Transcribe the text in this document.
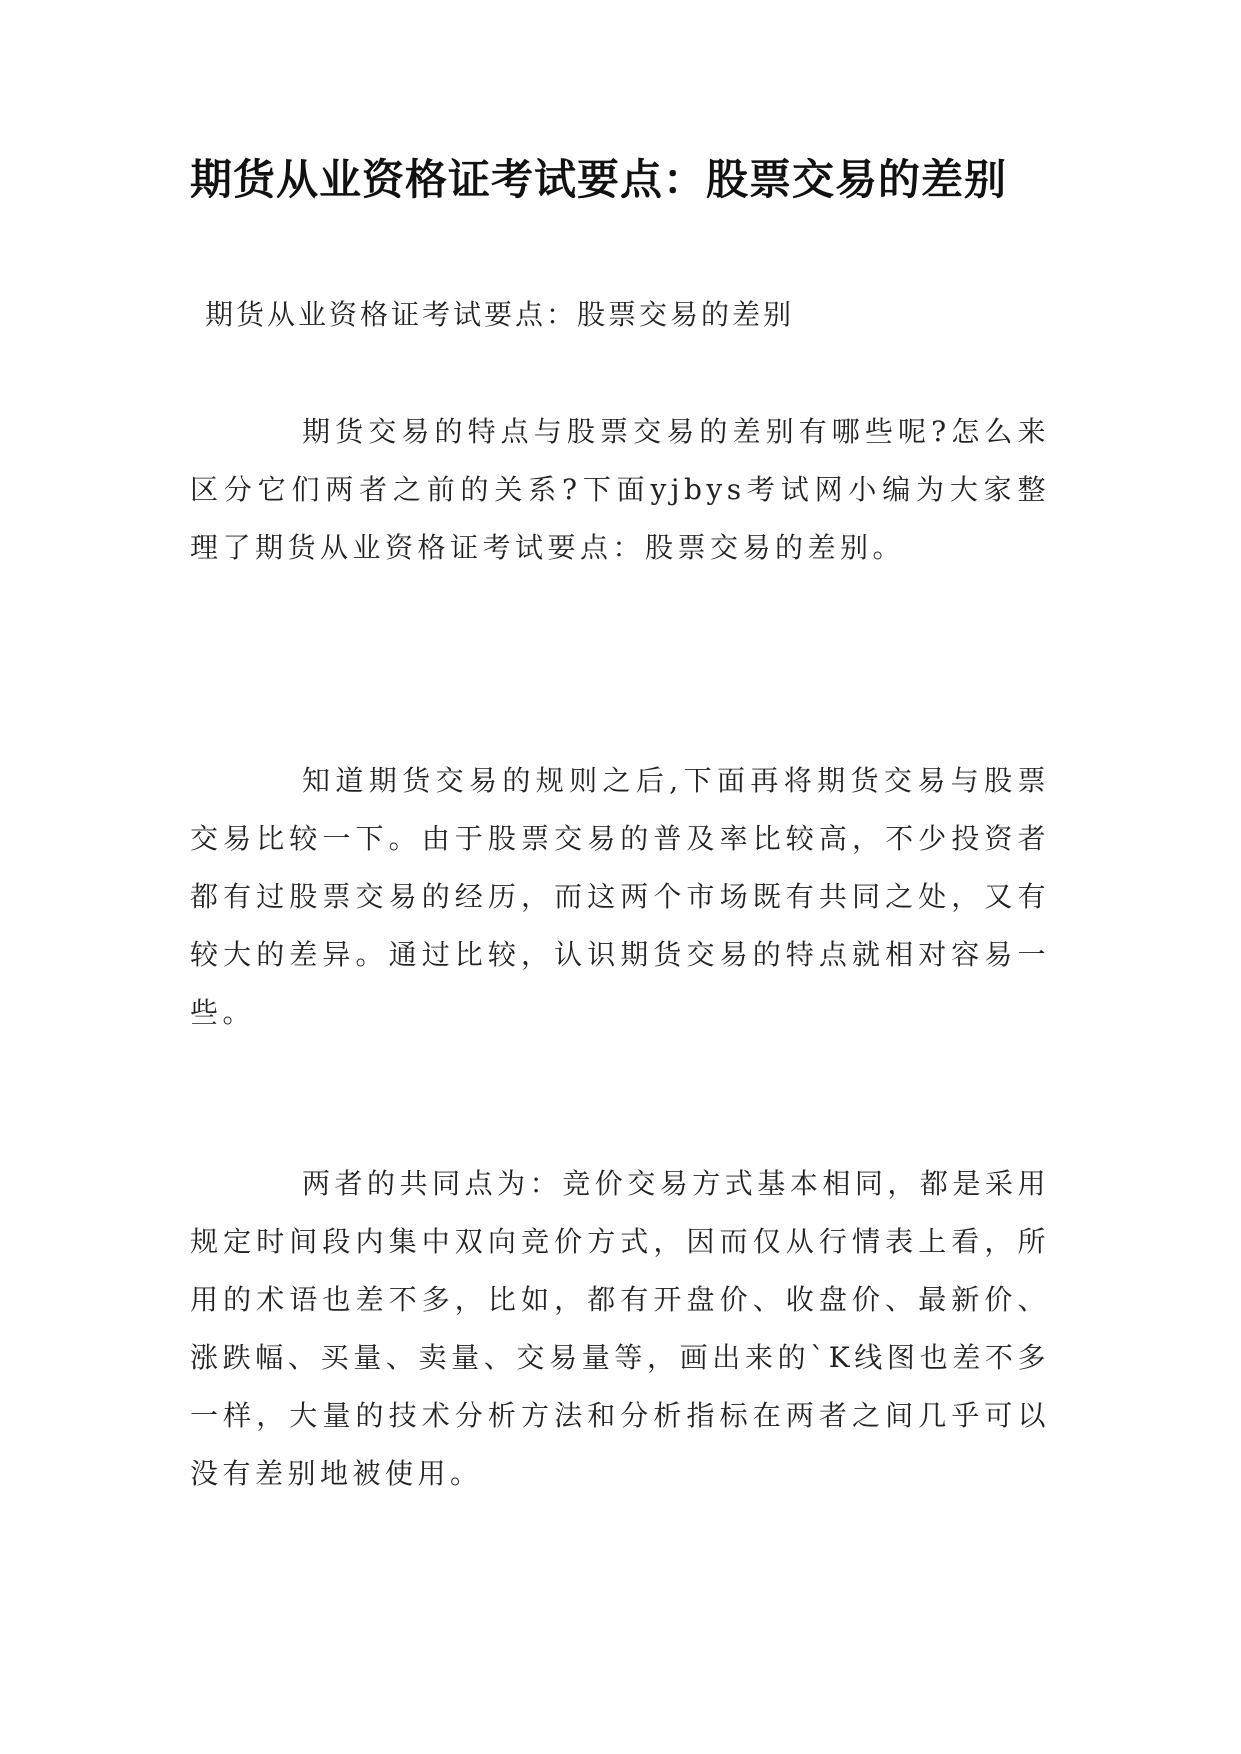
期货从业资格证考试要点：股票交易的差别
期货从业资格证考试要点：股票交易的差别
期货交易的特点与股票交易的差别有哪些呢?怎么来区分它们两者之前的关系?下面yjbys考试网小编为大家整理了期货从业资格证考试要点：股票交易的差别。
知道期货交易的规则之后,下面再将期货交易与股票交易比较一下。由于股票交易的普及率比较高，不少投资者都有过股票交易的经历，而这两个市场既有共同之处，又有较大的差异。通过比较，认识期货交易的特点就相对容易一些。
两者的共同点为：竞价交易方式基本相同，都是采用规定时间段内集中双向竞价方式，因而仅从行情表上看，所用的术语也差不多，比如，都有开盘价、收盘价、最新价、涨跌幅、买量、卖量、交易量等，画出来的`K线图也差不多一样，大量的技术分析方法和分析指标在两者之间几乎可以没有差别地被使用。
